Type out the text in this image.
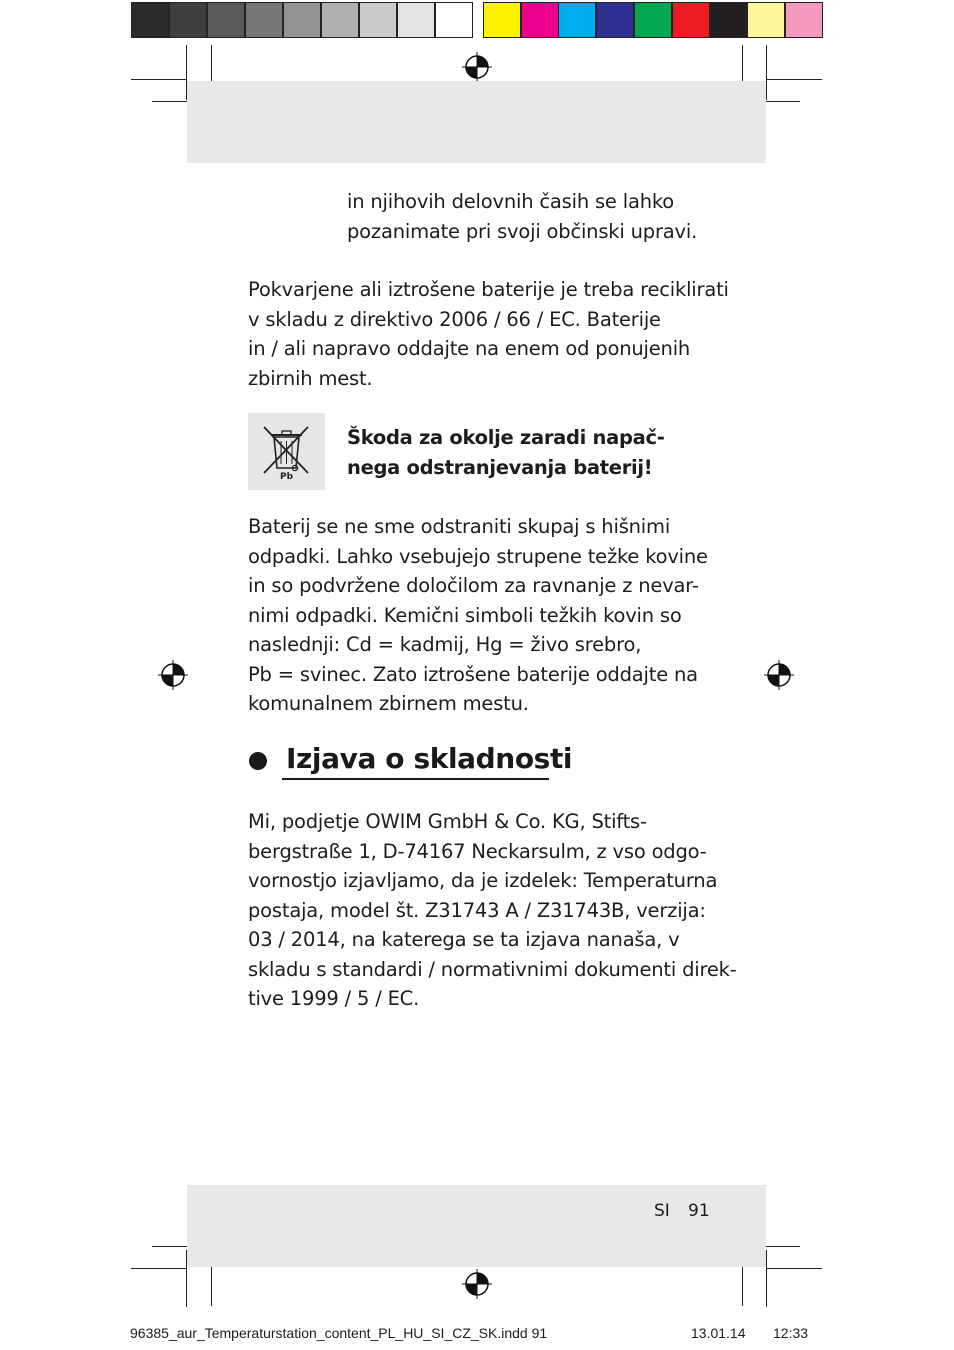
in njihovih delovnih časih se lahko
pozanimate pri svoji občinski upravi.
Pokvarjene ali iztrošene baterije je treba reciklirati
v skladu z direktivo 2006 / 66 / EC. Baterije
in / ali napravo oddajte na enem od ponujenih
zbirnih mest.
Pb
Škoda za okolje zaradi napač-
nega odstranjevanja baterij!
Baterij se ne sme odstraniti skupaj s hišnimi
odpadki. Lahko vsebujejo strupene težke kovine
in so podvržene določilom za ravnanje z nevar-
nimi odpadki. Kemični simboli težkih kovin so
naslednji: Cd = kadmij, Hg = živo srebro,
Pb = svinec. Zato iztrošene baterije oddajte na
komunalnem zbirnem mestu.
Izjava o skladnosti
Mi, podjetje OWIM GmbH & Co. KG, Stifts-
bergstraße 1, D-74167 Neckarsulm, z vso odgo-
vornostjo izjavljamo, da je izdelek: Temperaturna
postaja, model št. Z31743 A / Z31743B, verzija:
03 / 2014, na katerega se ta izjava nanaša, v
skladu s standardi / normativnimi dokumenti direk-
tive 1999 / 5 / EC.
SI 91
96385_aur_Temperaturstation_content_PL_HU_SI_CZ_SK.indd 91	13.01.14 12:33
